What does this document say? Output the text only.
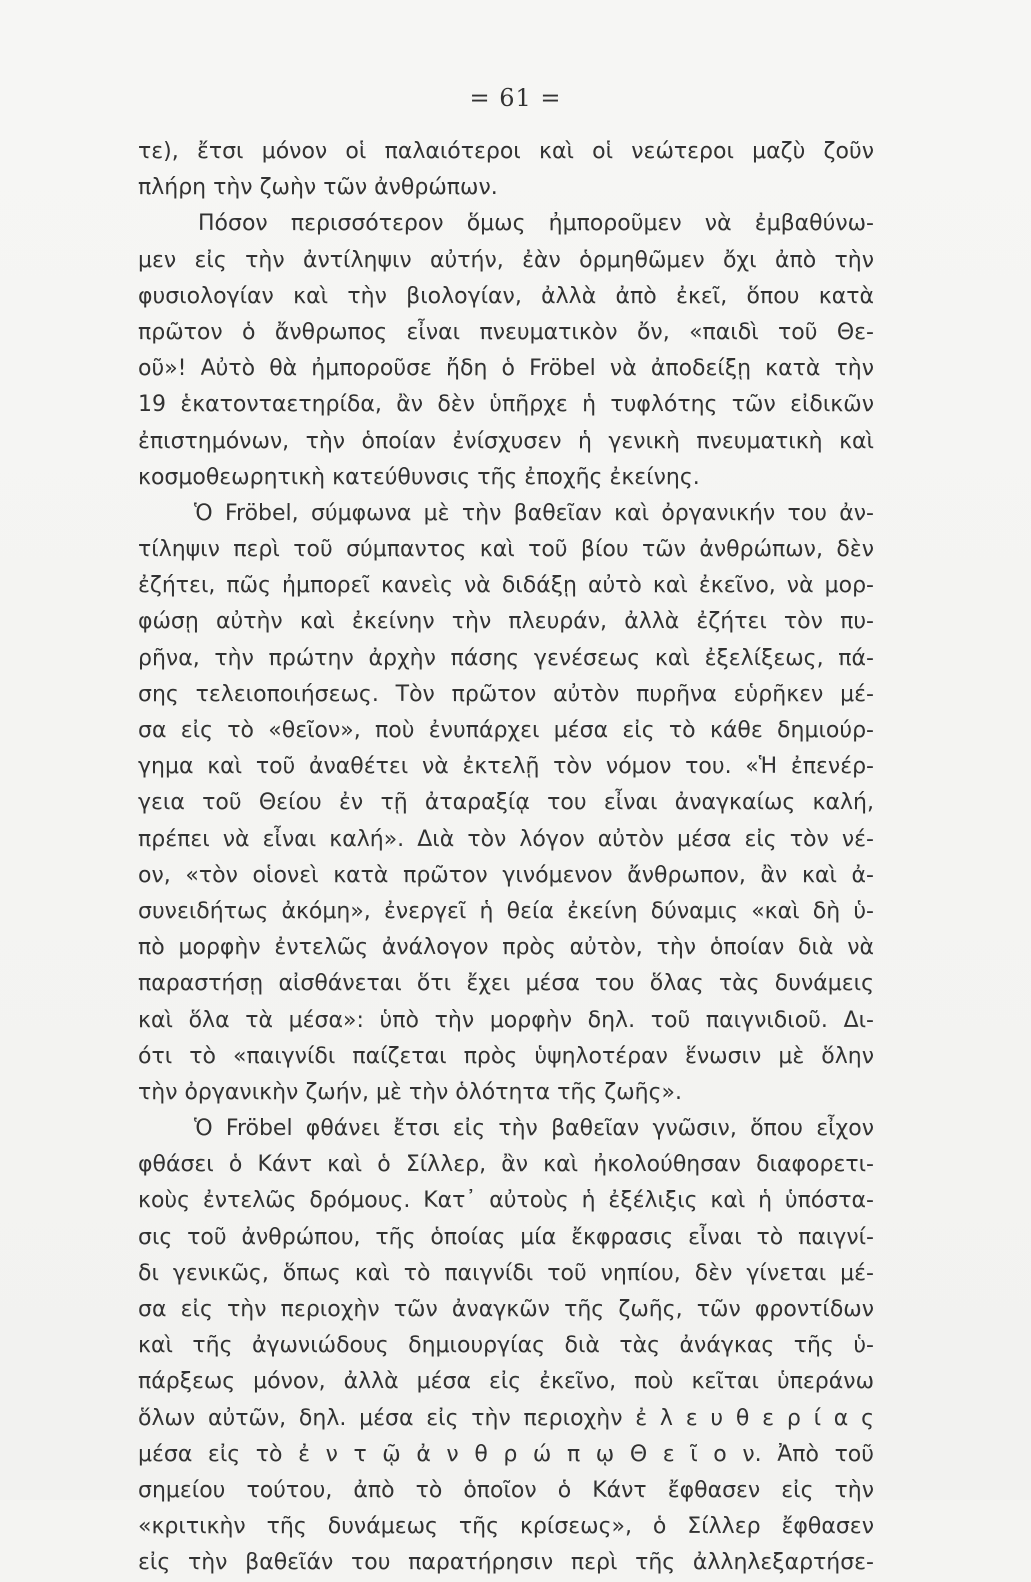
= 61 =
τε), ἔτσι μόνον οἱ παλαιότεροι καὶ οἱ νεώτεροι μαζὺ ζοῦν
πλήρη τὴν ζωὴν τῶν ἀνθρώπων.
Πόσον περισσότερον ὅμως ἠμποροῦμεν νὰ ἐμβαθύνω-
μεν εἰς τὴν ἀντίληψιν αὐτήν, ἐὰν ὁρμηθῶμεν ὄχι ἀπὸ τὴν
φυσιολογίαν καὶ τὴν βιολογίαν, ἀλλὰ ἀπὸ ἐκεῖ, ὅπου κατὰ
πρῶτον ὁ ἄνθρωπος εἶναι πνευματικὸν ὄν, «παιδὶ τοῦ Θε-
οῦ»! Αὐτὸ θὰ ἠμποροῦσε ἤδη ὁ Fröbel νὰ ἀποδείξῃ κατὰ τὴν
19 ἑκατονταετηρίδα, ἂν δὲν ὑπῆρχε ἡ τυφλότης τῶν εἰδικῶν
ἐπιστημόνων, τὴν ὁποίαν ἐνίσχυσεν ἡ γενικὴ πνευματικὴ καὶ
κοσμοθεωρητικὴ κατεύθυνσις τῆς ἐποχῆς ἐκείνης.
Ὁ Fröbel, σύμφωνα μὲ τὴν βαθεῖαν καὶ ὀργανικήν του ἀν-
τίληψιν περὶ τοῦ σύμπαντος καὶ τοῦ βίου τῶν ἀνθρώπων, δὲν
ἐζήτει, πῶς ἠμπορεῖ κανεὶς νὰ διδάξῃ αὐτὸ καὶ ἐκεῖνο, νὰ μορ-
φώσῃ αὐτὴν καὶ ἐκείνην τὴν πλευράν, ἀλλὰ ἐζήτει τὸν πυ-
ρῆνα, τὴν πρώτην ἀρχὴν πάσης γενέσεως καὶ ἐξελίξεως, πά-
σης τελειοποιήσεως. Τὸν πρῶτον αὐτὸν πυρῆνα εὑρῆκεν μέ-
σα εἰς τὸ «θεῖον», ποὺ ἐνυπάρχει μέσα εἰς τὸ κάθε δημιούρ-
γημα καὶ τοῦ ἀναθέτει νὰ ἐκτελῇ τὸν νόμον του. «Ἡ ἐπενέρ-
γεια τοῦ Θείου ἐν τῇ ἀταραξίᾳ του εἶναι ἀναγκαίως καλή,
πρέπει νὰ εἶναι καλή». Διὰ τὸν λόγον αὐτὸν μέσα εἰς τὸν νέ-
ον, «τὸν οἱονεὶ κατὰ πρῶτον γινόμενον ἄνθρωπον, ἂν καὶ ἀ-
συνειδήτως ἀκόμη», ἐνεργεῖ ἡ θεία ἐκείνη δύναμις «καὶ δὴ ὑ-
πὸ μορφὴν ἐντελῶς ἀνάλογον πρὸς αὐτὸν, τὴν ὁποίαν διὰ νὰ
παραστήσῃ αἰσθάνεται ὅτι ἔχει μέσα του ὅλας τὰς δυνάμεις
καὶ ὅλα τὰ μέσα»: ὑπὸ τὴν μορφὴν δηλ. τοῦ παιγνιδιοῦ. Δι-
ότι τὸ «παιγνίδι παίζεται πρὸς ὑψηλοτέραν ἕνωσιν μὲ ὅλην
τὴν ὀργανικὴν ζωήν, μὲ τὴν ὁλότητα τῆς ζωῆς».
Ὁ Fröbel φθάνει ἔτσι εἰς τὴν βαθεῖαν γνῶσιν, ὅπου εἶχον
φθάσει ὁ Κάντ καὶ ὁ Σίλλερ, ἂν καὶ ἠκολούθησαν διαφορετι-
κοὺς ἐντελῶς δρόμους. Κατ᾽ αὐτοὺς ἡ ἐξέλιξις καὶ ἡ ὑπόστα-
σις τοῦ ἀνθρώπου, τῆς ὁποίας μία ἔκφρασις εἶναι τὸ παιγνί-
δι γενικῶς, ὅπως καὶ τὸ παιγνίδι τοῦ νηπίου, δὲν γίνεται μέ-
σα εἰς τὴν περιοχὴν τῶν ἀναγκῶν τῆς ζωῆς, τῶν φροντίδων
καὶ τῆς ἀγωνιώδους δημιουργίας διὰ τὰς ἀνάγκας τῆς ὑ-
πάρξεως μόνον, ἀλλὰ μέσα εἰς ἐκεῖνο, ποὺ κεῖται ὑπεράνω
ὅλων αὐτῶν, δηλ. μέσα εἰς τὴν περιοχὴν ἐ λ ε υ θ ε ρ ί α ς
μέσα εἰς τὸ ἐ ν τ ῷ ἀ ν θ ρ ώ π ῳ Θ ε ῖ ο ν. Ἀπὸ τοῦ
σημείου τούτου, ἀπὸ τὸ ὁποῖον ὁ Κάντ ἔφθασεν εἰς τὴν
«κριτικὴν τῆς δυνάμεως τῆς κρίσεως», ὁ Σίλλερ ἔφθασεν
εἰς τὴν βαθεῖάν του παρατήρησιν περὶ τῆς ἀλληλεξαρτήσε-
